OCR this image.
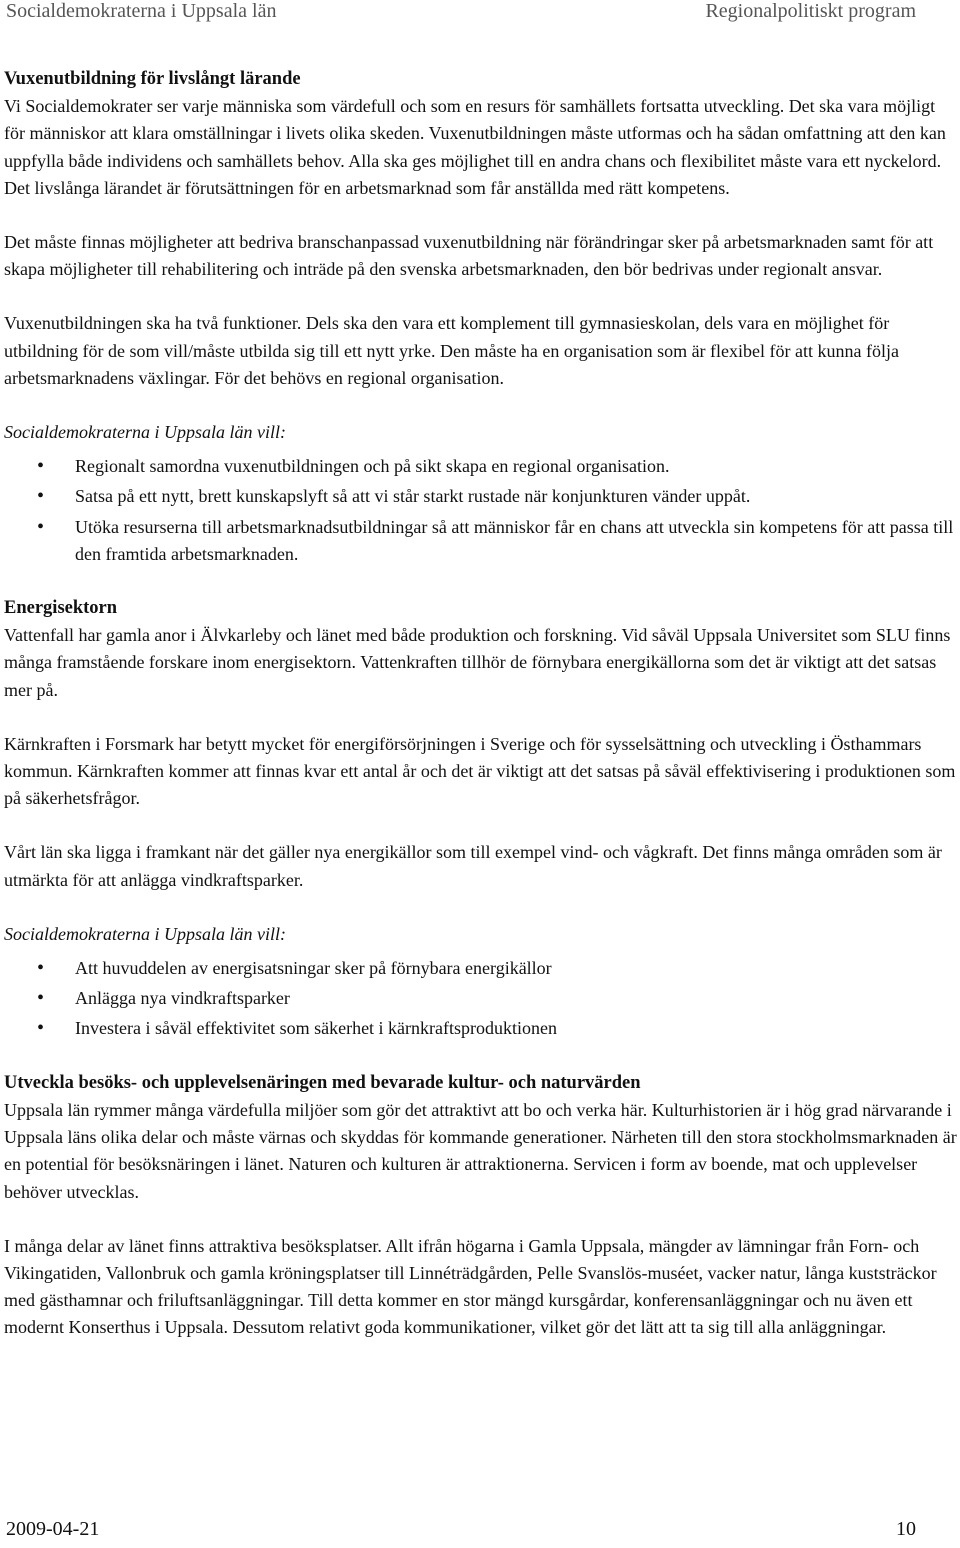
Socialdemokraterna i Uppsala län	Regionalpolitiskt program
Vuxenutbildning för livslångt lärande

Vi Socialdemokrater ser varje människa som värdefull och som en resurs för samhällets fortsatta utveckling. Det ska vara möjligt för människor att klara omställningar i livets olika skeden. Vuxenutbildningen måste utformas och ha sådan omfattning att den kan uppfylla både individens och samhällets behov. Alla ska ges möjlighet till en andra chans och flexibilitet måste vara ett nyckelord. Det livslånga lärandet är förutsättningen för en arbetsmarknad som får anställda med rätt kompetens.

Det måste finnas möjligheter att bedriva branschanpassad vuxenutbildning när förändringar sker på arbetsmarknaden samt för att skapa möjligheter till rehabilitering och inträde på den svenska arbetsmarknaden, den bör bedrivas under regionalt ansvar.

Vuxenutbildningen ska ha två funktioner. Dels ska den vara ett komplement till gymnasieskolan, dels vara en möjlighet för utbildning för de som vill/måste utbilda sig till ett nytt yrke. Den måste ha en organisation som är flexibel för att kunna följa arbetsmarknadens växlingar. För det behövs en regional organisation.

Socialdemokraterna i Uppsala län vill:

• Regionalt samordna vuxenutbildningen och på sikt skapa en regional organisation.
• Satsa på ett nytt, brett kunskapslyft så att vi står starkt rustade när konjunkturen vänder uppåt.
• Utöka resurserna till arbetsmarknadsutbildningar så att människor får en chans att utveckla sin kompetens för att passa till den framtida arbetsmarknaden.
Energisektorn

Vattenfall har gamla anor i Älvkarleby och länet med både produktion och forskning. Vid såväl Uppsala Universitet som SLU finns många framstående forskare inom energisektorn. Vattenkraften tillhör de förnybara energikällorna som det är viktigt att det satsas mer på.

Kärnkraften i Forsmark har betytt mycket för energiförsörjningen i Sverige och för sysselsättning och utveckling i Östhammars kommun. Kärnkraften kommer att finnas kvar ett antal år och det är viktigt att det satsas på såväl effektivisering i produktionen som på säkerhetsfrågor.

Vårt län ska ligga i framkant när det gäller nya energikällor som till exempel vind- och vågkraft. Det finns många områden som är utmärkta för att anlägga vindkraftsparker.

Socialdemokraterna i Uppsala län vill:

• Att huvuddelen av energisatsningar sker på förnybara energikällor
• Anlägga nya vindkraftsparker
• Investera i såväl effektivitet som säkerhet i kärnkraftsproduktionen
Utveckla besöks- och upplevelsenäringen med bevarade kultur- och naturvärden

Uppsala län rymmer många värdefulla miljöer som gör det attraktivt att bo och verka här. Kulturhistorien är i hög grad närvarande i Uppsala läns olika delar och måste värnas och skyddas för kommande generationer. Närheten till den stora stockholmsmarknaden är en potential för besöksnäringen i länet. Naturen och kulturen är attraktionerna. Servicen i form av boende, mat och upplevelser behöver utvecklas.

I många delar av länet finns attraktiva besöksplatser. Allt ifrån högarna i Gamla Uppsala, mängder av lämningar från Forn- och Vikingatiden, Vallonbruk och gamla kröningsplatser till Linnéträdgården, Pelle Svanslös-muséet, vacker natur, långa kuststräckor med gästhamnar och friluftsanläggningar. Till detta kommer en stor mängd kursgårdar, konferensanläggningar och nu även ett modernt Konserthus i Uppsala. Dessutom relativt goda kommunikationer, vilket gör det lätt att ta sig till alla anläggningar.

2009-04-21	10
